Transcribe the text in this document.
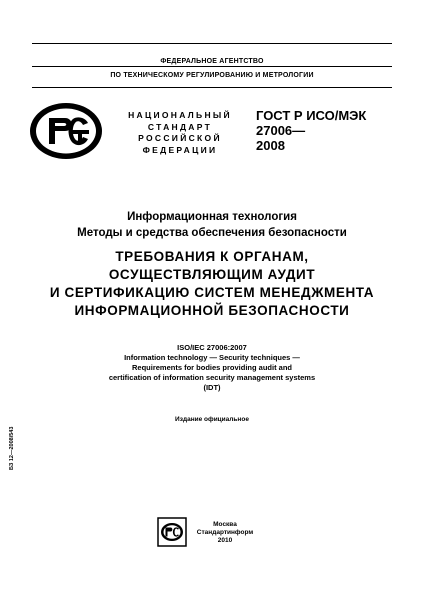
ФЕДЕРАЛЬНОЕ АГЕНТСТВО
ПО ТЕХНИЧЕСКОМУ РЕГУЛИРОВАНИЮ И МЕТРОЛОГИИ
НАЦИОНАЛЬНЫЙ
СТАНДАРТ
РОССИЙСКОЙ
ФЕДЕРАЦИИ
ГОСТ Р ИСО/МЭК
27006—
2008
Информационная технология
Методы и средства обеспечения безопасности
ТРЕБОВАНИЯ К ОРГАНАМ,
ОСУЩЕСТВЛЯЮЩИМ АУДИТ
И СЕРТИФИКАЦИЮ СИСТЕМ МЕНЕДЖМЕНТА
ИНФОРМАЦИОННОЙ БЕЗОПАСНОСТИ
ISO/IEC 27006:2007
Information technology — Security techniques —
Requirements for bodies providing audit and
certification of information security management systems
(IDT)
Издание официальное
БЗ 12—2008/543
Москва
Стандартинформ
2010
